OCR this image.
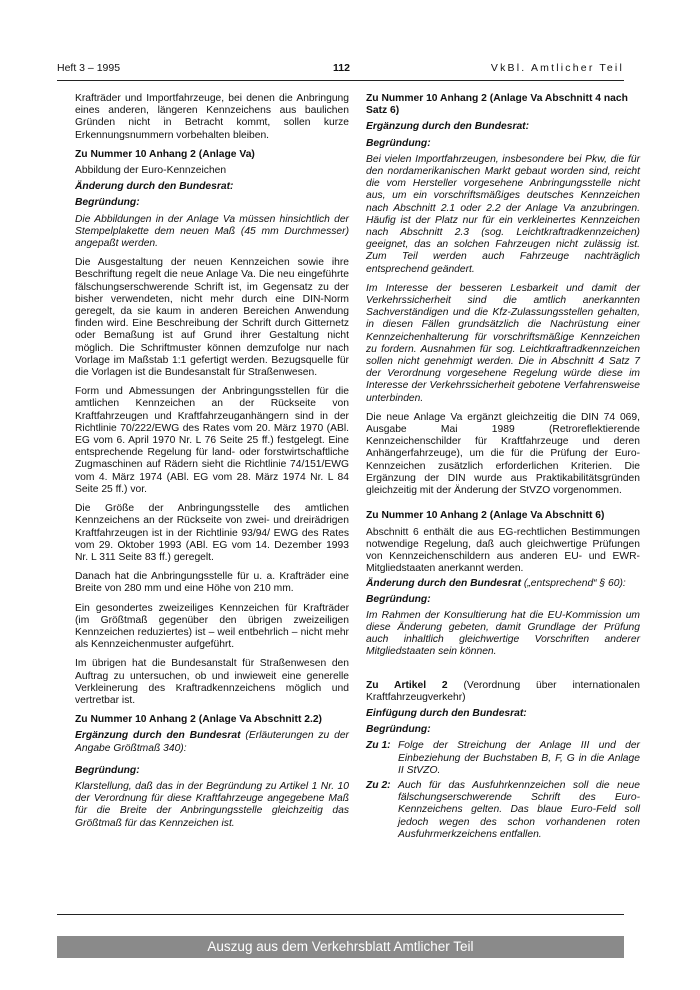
Heft 3 – 1995	112	VkBl. Amtlicher Teil

Krafträder und Importfahrzeuge, bei denen die Anbringung eines anderen, längeren Kennzeichens aus baulichen Gründen nicht in Betracht kommt, sollen kurze Erkennungsnummern vorbehalten bleiben.

Zu Nummer 10 Anhang 2 (Anlage Va)

Abbildung der Euro-Kennzeichen

Änderung durch den Bundesrat:
Begründung:

Die Abbildungen in der Anlage Va müssen hinsichtlich der Stempelplakette dem neuen Maß (45 mm Durchmesser) angepaßt werden.

Die Ausgestaltung der neuen Kennzeichen sowie ihre Beschriftung regelt die neue Anlage Va. Die neu eingeführte fälschungserschwerende Schrift ist, im Gegensatz zu der bisher verwendeten, nicht mehr durch eine DIN-Norm geregelt, da sie kaum in anderen Bereichen Anwendung finden wird. Eine Beschreibung der Schrift durch Gitternetz oder Bemaßung ist auf Grund ihrer Gestaltung nicht möglich. Die Schriftmuster können demzufolge nur nach Vorlage im Maßstab 1:1 gefertigt werden. Bezugsquelle für die Vorlagen ist die Bundesanstalt für Straßenwesen.

Form und Abmessungen der Anbringungsstellen für die amtlichen Kennzeichen an der Rückseite von Kraftfahrzeugen und Kraftfahrzeuganhängern sind in der Richtlinie 70/222/EWG des Rates vom 20. März 1970 (ABl. EG vom 6. April 1970 Nr. L 76 Seite 25 ff.) festgelegt. Eine entsprechende Regelung für land- oder forstwirtschaftliche Zugmaschinen auf Rädern sieht die Richtlinie 74/151/EWG vom 4. März 1974 (ABl. EG vom 28. März 1974 Nr. L 84 Seite 25 ff.) vor.

Die Größe der Anbringungsstelle des amtlichen Kennzeichens an der Rückseite von zwei- und dreirädrigen Kraftfahrzeugen ist in der Richtlinie 93/94/ EWG des Rates vom 29. Oktober 1993 (ABl. EG vom 14. Dezember 1993 Nr. L 311 Seite 83 ff.) geregelt.

Danach hat die Anbringungsstelle für u. a. Krafträder eine Breite von 280 mm und eine Höhe von 210 mm.

Ein gesondertes zweizeiliges Kennzeichen für Krafträder (im Größtmaß gegenüber den übrigen zweizeiligen Kennzeichen reduziertes) ist – weil entbehrlich – nicht mehr als Kennzeichenmuster aufgeführt.

Im übrigen hat die Bundesanstalt für Straßenwesen den Auftrag zu untersuchen, ob und inwieweit eine generelle Verkleinerung des Kraftradkennzeichens möglich und vertretbar ist.

Zu Nummer 10 Anhang 2 (Anlage Va Abschnitt 2.2)

Ergänzung durch den Bundesrat (Erläuterungen zu der Angabe Größtmaß 340):

Begründung:

Klarstellung, daß das in der Begründung zu Artikel 1 Nr. 10 der Verordnung für diese Kraftfahrzeuge angegebene Maß für die Breite der Anbringungsstelle gleichzeitig das Größtmaß für das Kennzeichen ist.

Zu Nummer 10 Anhang 2 (Anlage Va Abschnitt 4 nach Satz 6)
Ergänzung durch den Bundesrat:
Begründung:

Bei vielen Importfahrzeugen, insbesondere bei Pkw, die für den nordamerikanischen Markt gebaut worden sind, reicht die vom Hersteller vorgesehene Anbringungsstelle nicht aus, um ein vorschriftsmäßiges deutsches Kennzeichen nach Abschnitt 2.1 oder 2.2 der Anlage Va anzubringen. Häufig ist der Platz nur für ein verkleinertes Kennzeichen nach Abschnitt 2.3 (sog. Leichtkraftradkennzeichen) geeignet, das an solchen Fahrzeugen nicht zulässig ist. Zum Teil werden auch Fahrzeuge nachträglich entsprechend geändert.

Im Interesse der besseren Lesbarkeit und damit der Verkehrssicherheit sind die amtlich anerkannten Sachverständigen und die Kfz-Zulassungsstellen gehalten, in diesen Fällen grundsätzlich die Nachrüstung einer Kennzeichenhalterung für vorschriftsmäßige Kennzeichen zu fordern. Ausnahmen für sog. Leichtkraftradkennzeichen sollen nicht genehmigt werden. Die in Abschnitt 4 Satz 7 der Verordnung vorgesehene Regelung würde diese im Interesse der Verkehrssicherheit gebotene Verfahrensweise unterbinden.

Die neue Anlage Va ergänzt gleichzeitig die DIN 74 069, Ausgabe Mai 1989 (Retroreflektierende Kennzeichenschilder für Kraftfahrzeuge und deren Anhängerfahrzeuge), um die für die Prüfung der Euro-Kennzeichen zusätzlich erforderlichen Kriterien. Die Ergänzung der DIN wurde aus Praktikabilitätsgründen gleichzeitig mit der Änderung der StVZO vorgenommen.

Zu Nummer 10 Anhang 2 (Anlage Va Abschnitt 6)

Abschnitt 6 enthält die aus EG-rechtlichen Bestimmungen notwendige Regelung, daß auch gleichwertige Prüfungen von Kennzeichenschildern aus anderen EU- und EWR-Mitgliedstaaten anerkannt werden.

Änderung durch den Bundesrat („entsprechend“ § 60):

Begründung:

Im Rahmen der Konsultierung hat die EU-Kommission um diese Änderung gebeten, damit Grundlage der Prüfung auch inhaltlich gleichwertige Vorschriften anderer Mitgliedstaaten sein können.

Zu Artikel 2 (Verordnung über internationalen Kraftfahrzeugverkehr)

Einfügung durch den Bundesrat:
Begründung:
Zu 1: Folge der Streichung der Anlage III und der Einbeziehung der Buchstaben B, F, G in die Anlage II StVZO.
Zu 2: Auch für das Ausfuhrkennzeichen soll die neue fälschungserschwerende Schrift des Euro-Kennzeichens gelten. Das blaue Euro-Feld soll jedoch wegen des schon vorhandenen roten Ausfuhrmerkzeichens entfallen.
Auszug aus dem Verkehrsblatt Amtlicher Teil
